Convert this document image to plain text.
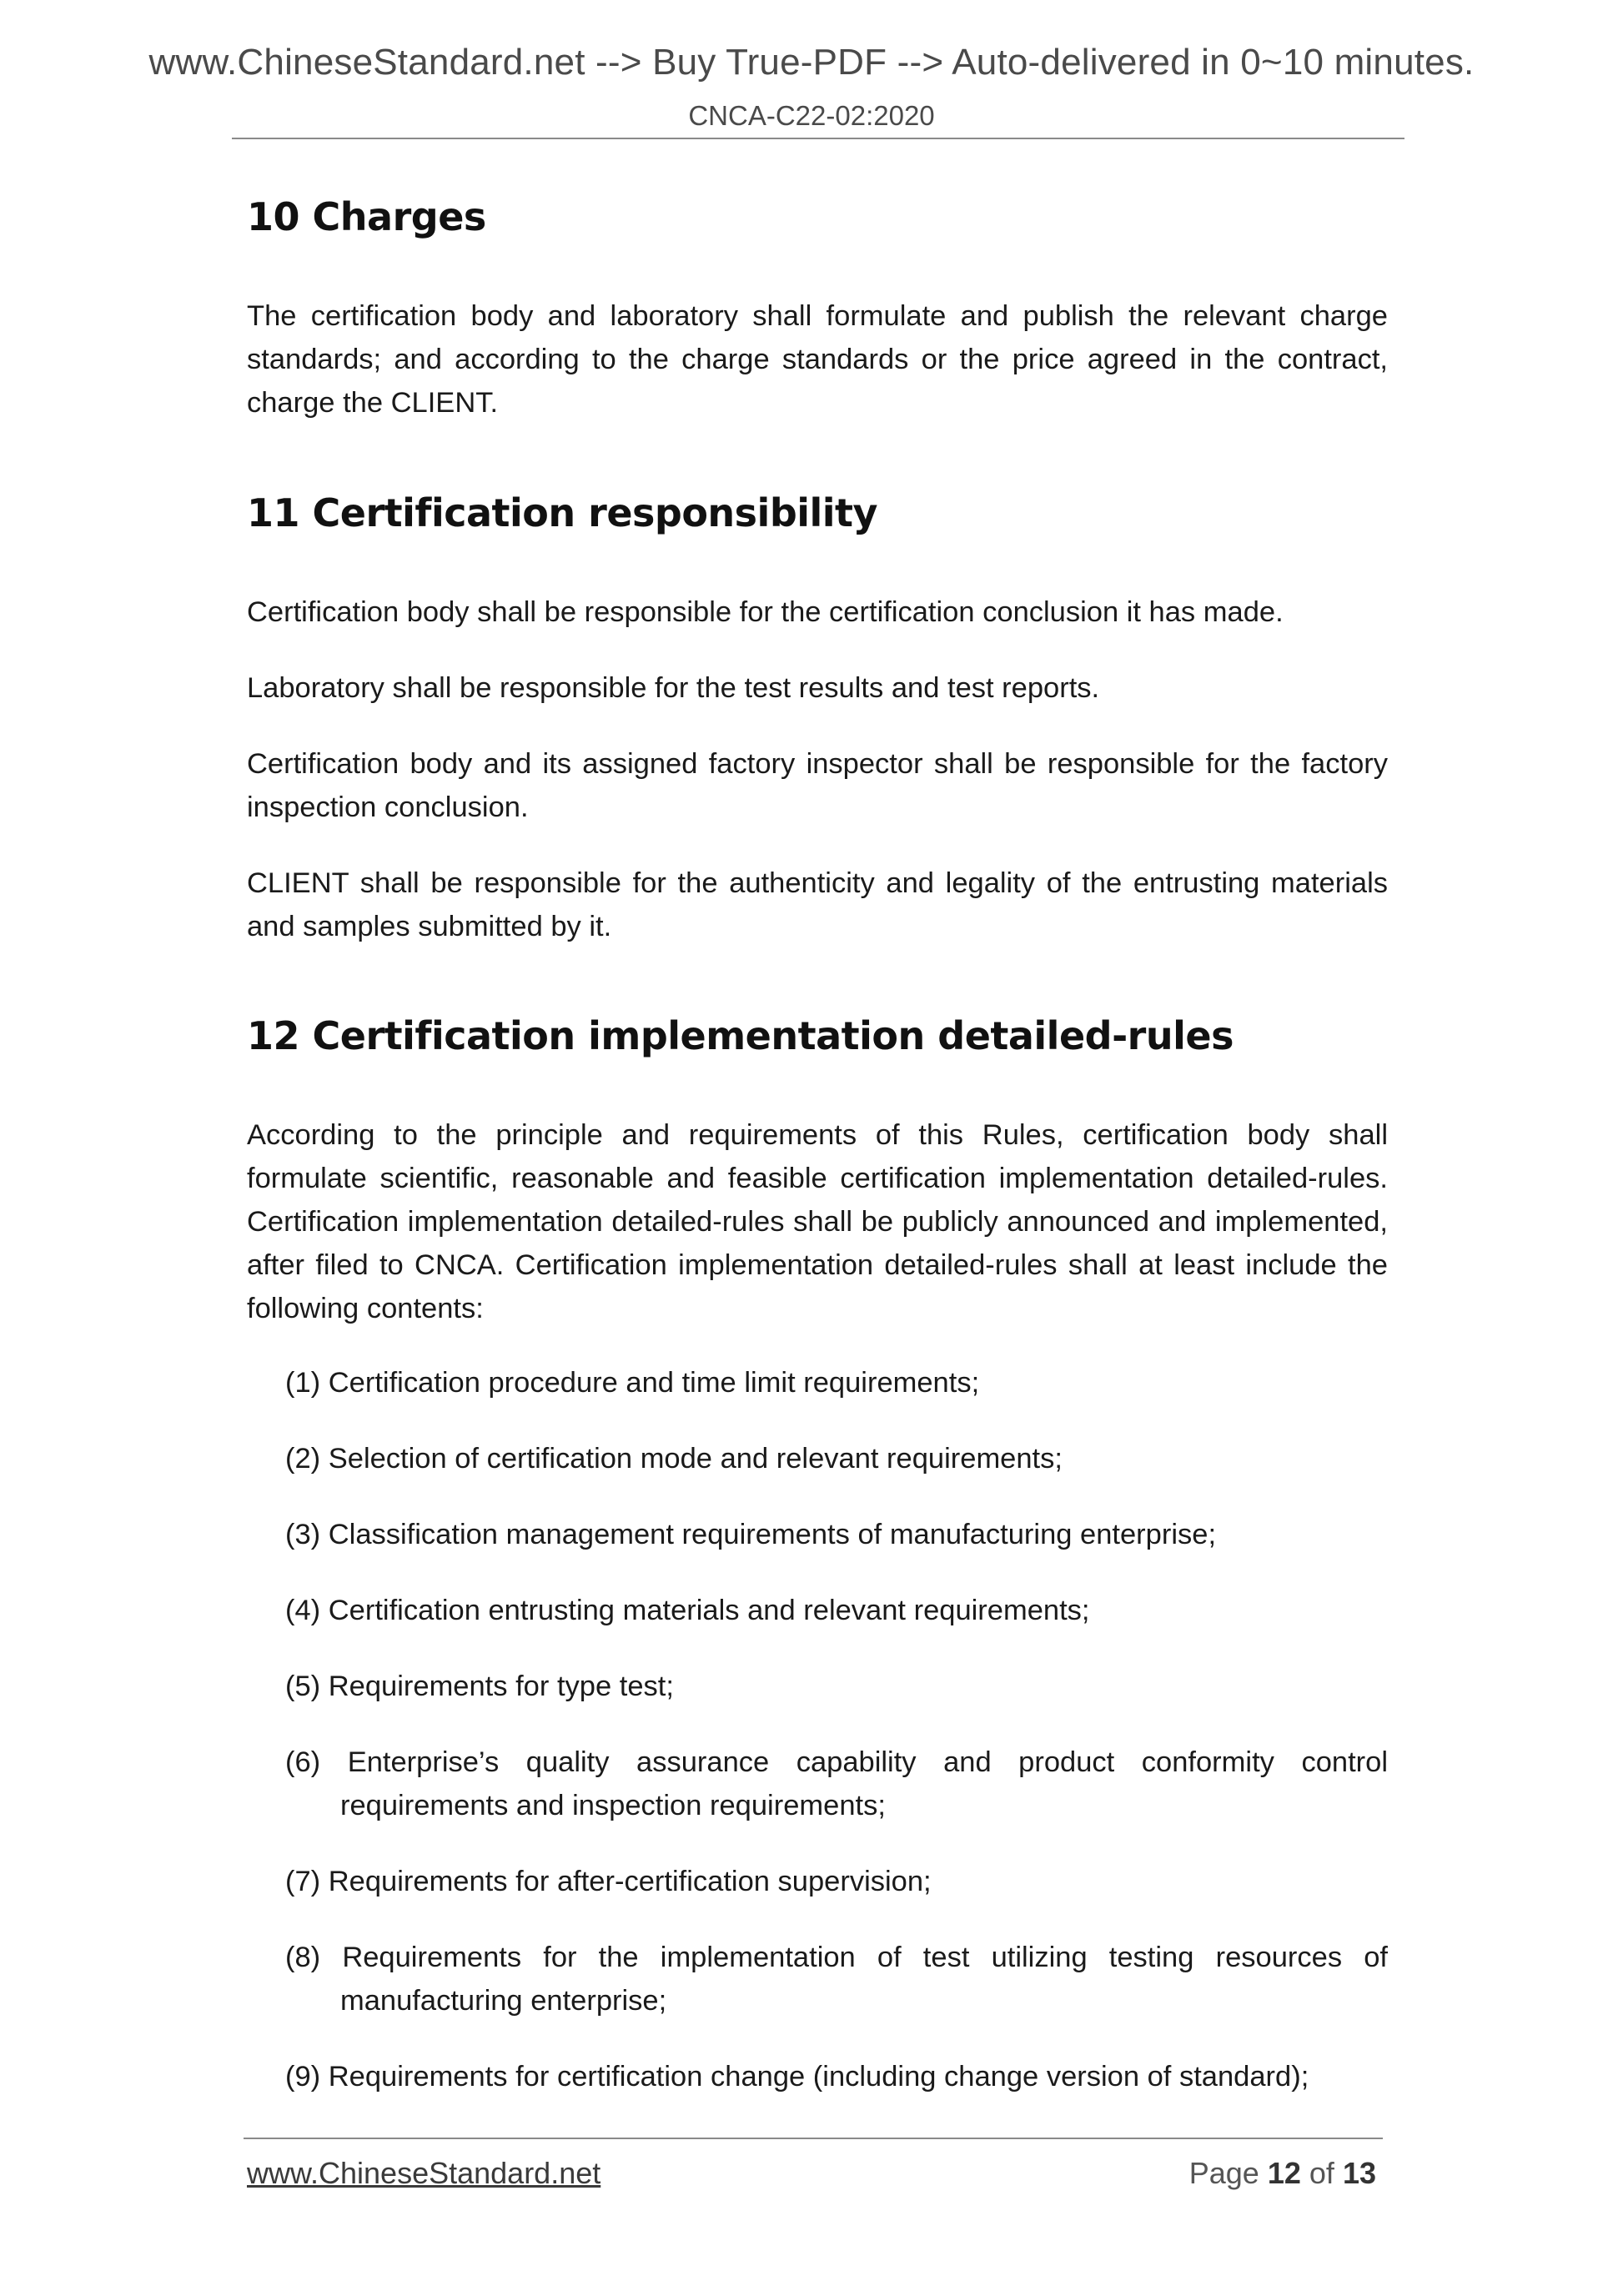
www.ChineseStandard.net --> Buy True-PDF --> Auto-delivered in 0~10 minutes.
CNCA-C22-02:2020
10 Charges
The certification body and laboratory shall formulate and publish the relevant charge standards; and according to the charge standards or the price agreed in the contract, charge the CLIENT.
11 Certification responsibility
Certification body shall be responsible for the certification conclusion it has made.
Laboratory shall be responsible for the test results and test reports.
Certification body and its assigned factory inspector shall be responsible for the factory inspection conclusion.
CLIENT shall be responsible for the authenticity and legality of the entrusting materials and samples submitted by it.
12 Certification implementation detailed-rules
According to the principle and requirements of this Rules, certification body shall formulate scientific, reasonable and feasible certification implementation detailed-rules. Certification implementation detailed-rules shall be publicly announced and implemented, after filed to CNCA. Certification implementation detailed-rules shall at least include the following contents:
(1) Certification procedure and time limit requirements;
(2) Selection of certification mode and relevant requirements;
(3) Classification management requirements of manufacturing enterprise;
(4) Certification entrusting materials and relevant requirements;
(5) Requirements for type test;
(6) Enterprise’s quality assurance capability and product conformity control requirements and inspection requirements;
(7) Requirements for after-certification supervision;
(8) Requirements for the implementation of test utilizing testing resources of manufacturing enterprise;
(9) Requirements for certification change (including change version of standard);
www.ChineseStandard.net	Page 12 of 13
